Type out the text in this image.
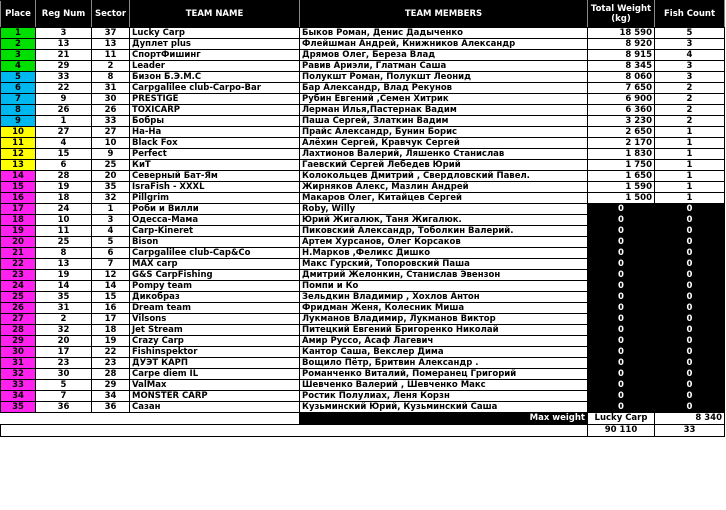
Place	Reg Num	Sector	TEAM NAME	TEAM MEMBERS	Total Weight (kg)	Fish Count
1	3	37	Lucky Carp	Быков Роман, Денис Дадыченко	18 590	5
2	13	13	Дуплет plus	Флейшман Андрей, Книжников Александр	8 920	3
3	21	11	СпортФишинг	Дрямов Олег, Береза Влад	8 915	4
4	29	2	Leader	Равив Ариэли, Глатман Саша	8 345	3
5	33	8	Бизон Б.Э.М.С	Полукшт Роман, Полукшт Леонид	8 060	3
6	22	31	Carpgalilee club-Carpo-Bar	Бар Александр, Влад Рекунов	7 650	2
7	9	30	PRESTIGE	Рубин Евгений ,Семен Хитрик	6 900	2
8	26	26	TOXICARP	Лерман Илья,Пастернак Вадим	6 360	2
9	1	33	Бобры	Паша Сергей, Златкин Вадим	3 230	2
10	27	27	На-На	Прайс Александр, Бунин Борис	2 650	1
11	4	10	Black Fox	Алёхин Сергей, Кравчук Сергей	2 170	1
12	15	9	Perfect	Лахтионов Валерий, Ляшенко Станислав	1 830	1
13	6	25	КиТ	Гаевский Сергей Лебедев Юрий	1 750	1
14	28	20	Северный Бат-Ям	Колокольцев Дмитрий , Свердловский Павел.	1 650	1
15	19	35	IsraFish - XXXL	Жирняков Алекс, Мазлин Андрей	1 590	1
16	18	32	Pillgrim	Макаров Олег, Китайцев Сергей	1 500	1
17	24	1	Роби и Вилли	Roby, Willy	0	0
18	10	3	Одесса-Мама	Юрий Жигалюк, Таня Жигалюк.	0	0
19	11	4	Carp-Kineret	Пиковский Александр, Тоболкин Валерий.	0	0
20	25	5	Bison	Артем Хурсанов, Олег Корсаков	0	0
21	8	6	Carpgalilee club-Cap&Co	Н.Марков ,Феликс Дишко	0	0
22	13	7	MAX carp	Макс Гурский, Топоровский Паша	0	0
23	19	12	G&S CarpFishing	Дмитрий Желонкин, Станислав Эвензон	0	0
24	14	14	Pompy team	Помпи и Ко	0	0
25	35	15	Дикобраз	Зельдкин Владимир , Хохлов Антон	0	0
26	31	16	Dream team	Фридман Женя, Колесник Миша	0	0
27	2	17	Vilsons	Лукманов Владимир, Лукманов Виктор	0	0
28	32	18	Jet Stream	Питецкий Евгений Бригоренко Николай	0	0
29	20	19	Crazy Carp	Амир Руссо, Асаф Лагевич	0	0
30	17	22	Fishinspektor	Кантор Саша, Векслер Дима	0	0
31	23	23	ДУЭТ КАРП	Вощило Пётр, Бритвин Александр .	0	0
32	30	28	Carpe diem IL	Романченко Виталий, Померанец Григорий	0	0
33	5	29	ValMax	Шевченко Валерий , Шевченко Макс	0	0
34	7	34	MONSTER CARP	Ростик Полулиах, Леня Корзн	0	0
35	36	36	Сазан	Кузьминский Юрий, Кузьминский Саша	0	0
				Max weight	Lucky Carp	8 340
					90 110	33
